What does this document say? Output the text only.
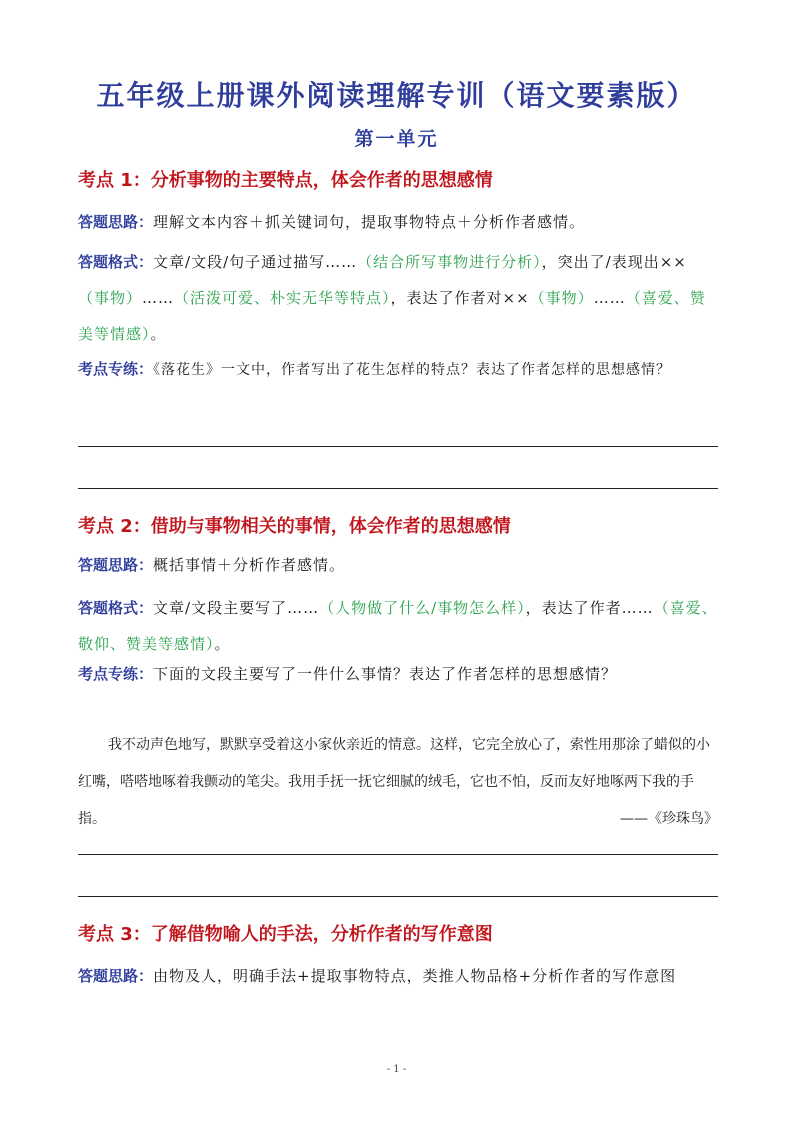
五年级上册课外阅读理解专训（语文要素版）
第一单元
考点 1：分析事物的主要特点，体会作者的思想感情
答题思路：理解文本内容＋抓关键词句，提取事物特点＋分析作者感情。
答题格式：文章/文段/句子通过描写……（结合所写事物进行分析），突出了/表现出××（事物）……（活泼可爱、朴实无华等特点），表达了作者对××（事物）……（喜爱、赞美等情感）。
考点专练：《落花生》一文中，作者写出了花生怎样的特点？表达了作者怎样的思想感情？
考点 2：借助与事物相关的事情，体会作者的思想感情
答题思路：概括事情＋分析作者感情。
答题格式：文章/文段主要写了……（人物做了什么/事物怎么样），表达了作者……（喜爱、敬仰、赞美等感情）。
考点专练：下面的文段主要写了一件什么事情？表达了作者怎样的思想感情？
我不动声色地写，默默享受着这小家伙亲近的情意。这样，它完全放心了，索性用那涂了蜡似的小红嘴，嗒嗒地啄着我颤动的笔尖。我用手抚一抚它细腻的绒毛，它也不怕，反而友好地啄两下我的手指。	——《珍珠鸟》
考点 3：了解借物喻人的手法，分析作者的写作意图
答题思路：由物及人，明确手法+提取事物特点，类推人物品格+分析作者的写作意图
- 1 -
